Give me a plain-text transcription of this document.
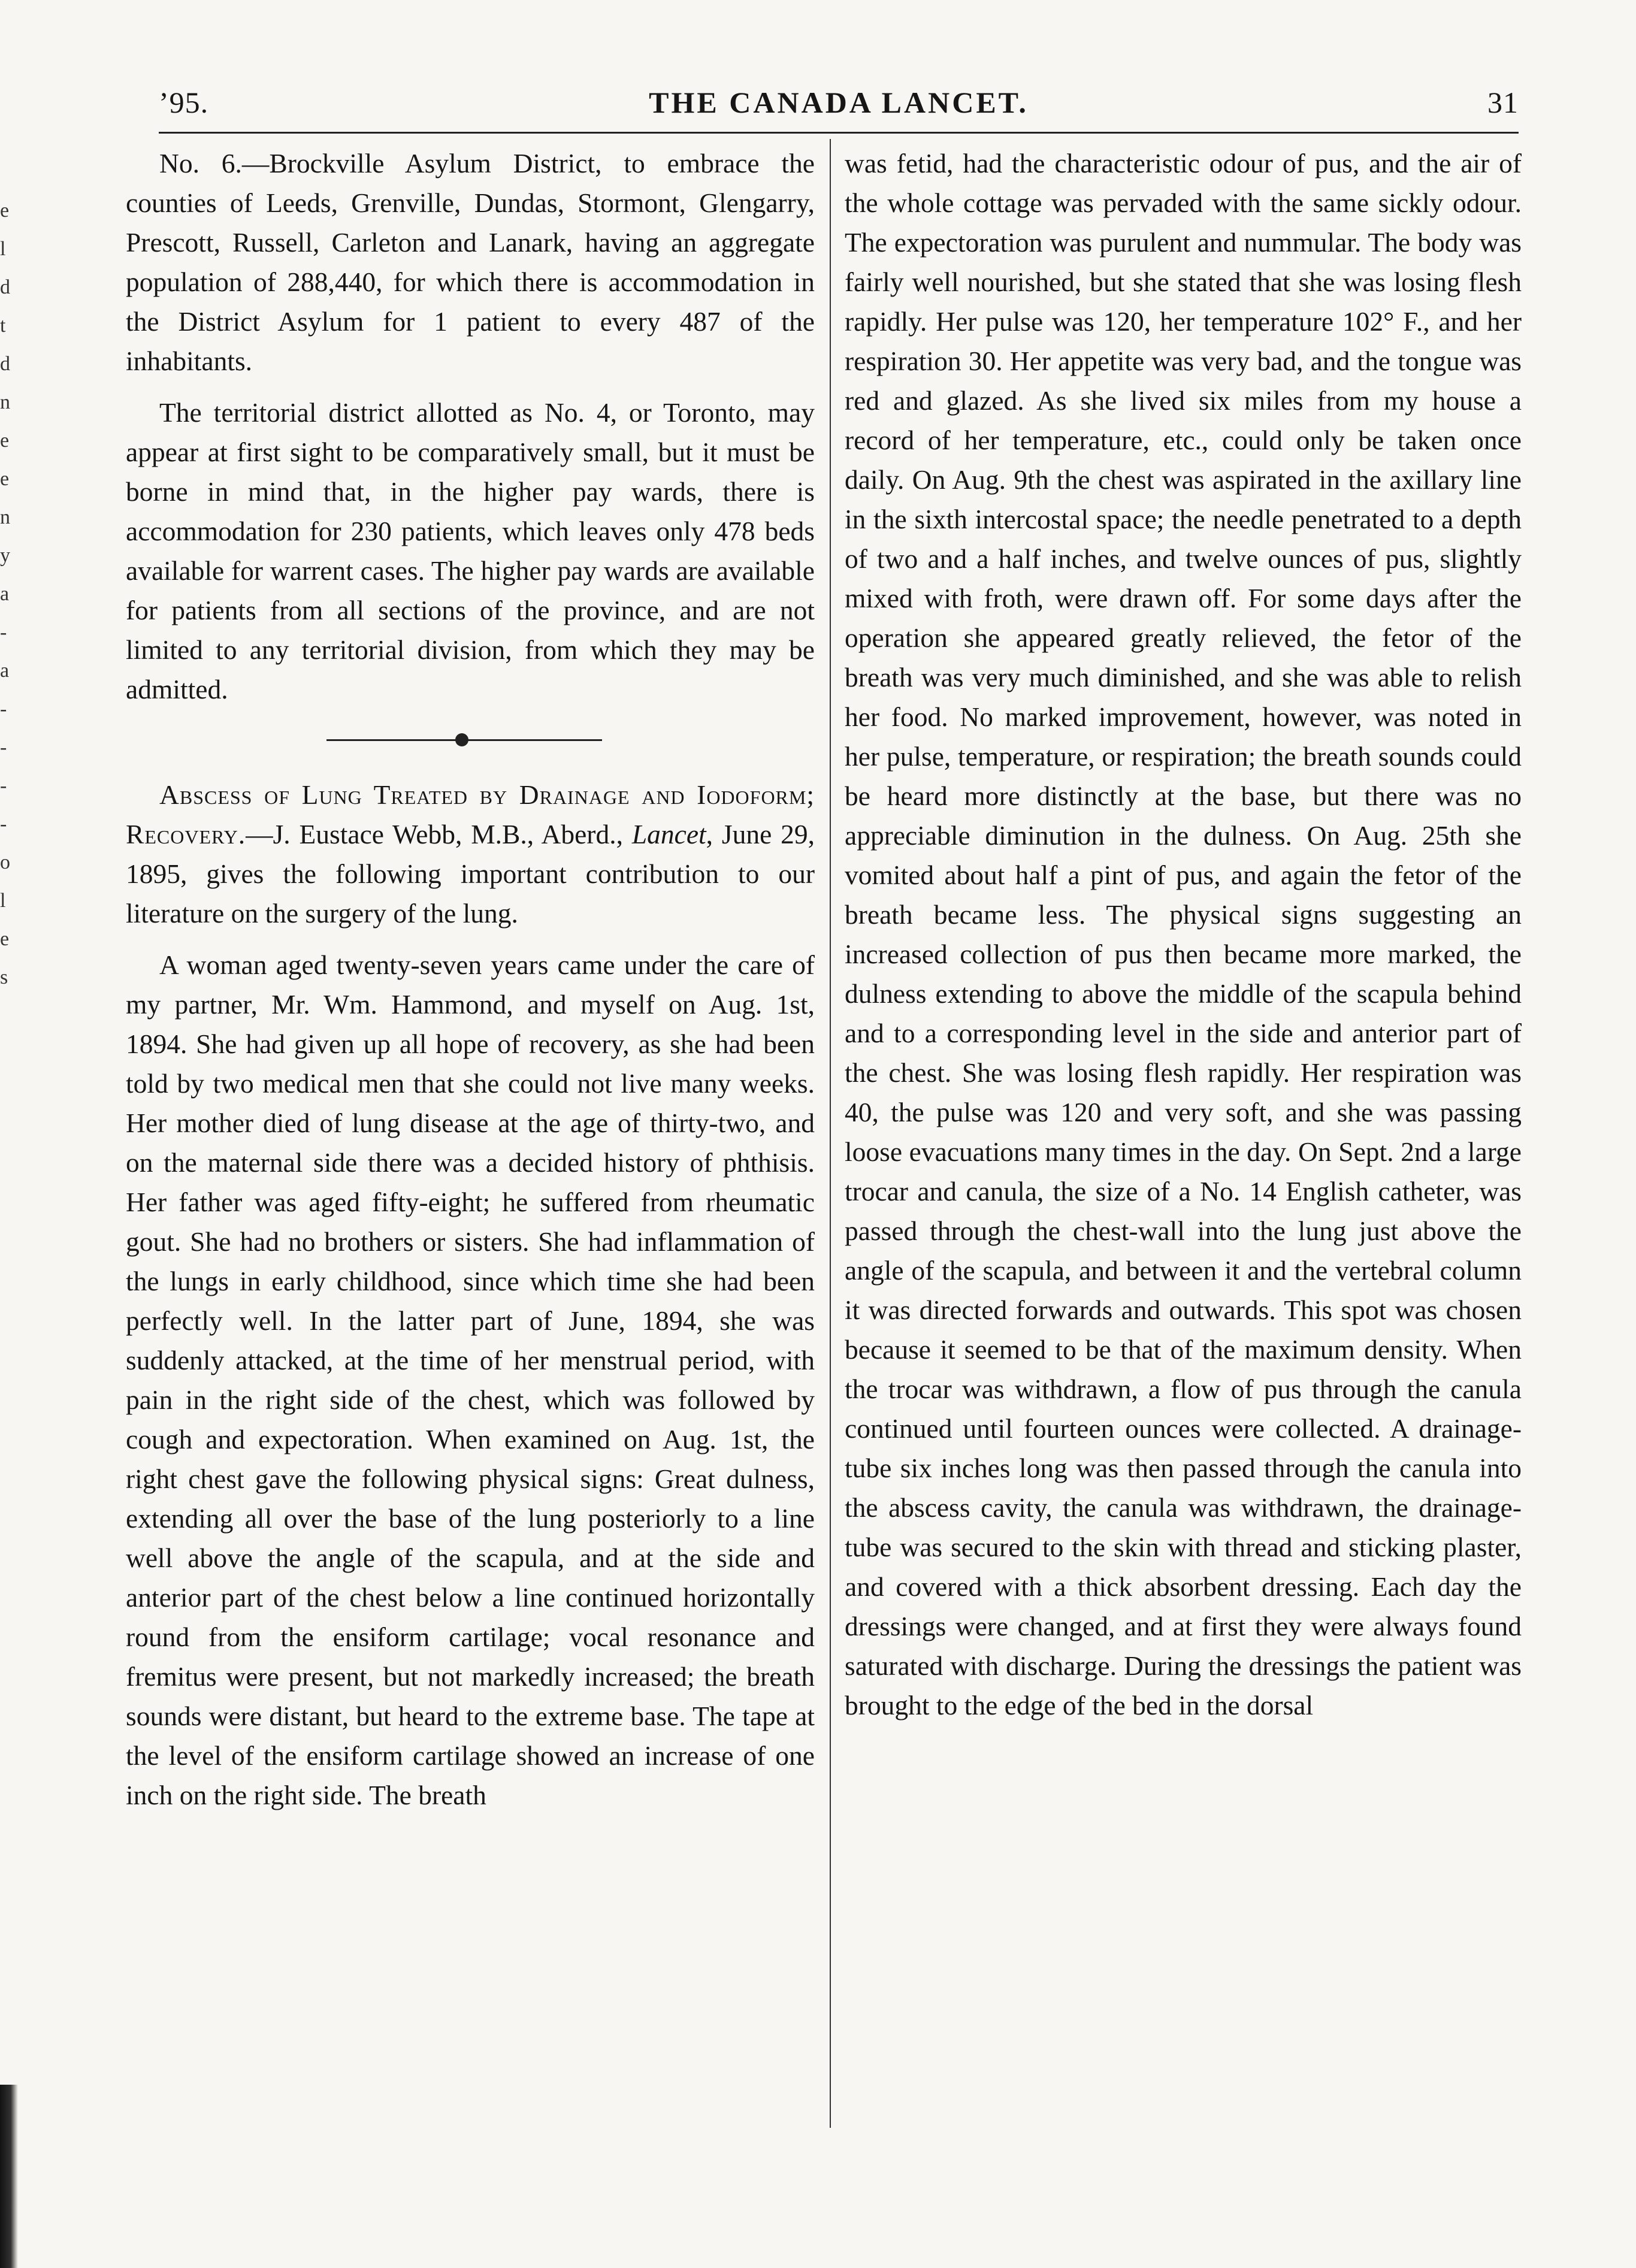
e
l
d
t
d
n
e
e
n
y
a
-
a
-
-
-
-
o
l
e
s
’95.	THE CANADA LANCET.	31

No. 6.—Brockville Asylum District, to embrace the counties of Leeds, Grenville, Dundas, Stormont, Glengarry, Prescott, Russell, Carleton and Lanark, having an aggregate population of 288,440, for which there is accommodation in the District Asylum for 1 patient to every 487 of the inhabitants.

The territorial district allotted as No. 4, or Toronto, may appear at first sight to be comparatively small, but it must be borne in mind that, in the higher pay wards, there is accommodation for 230 patients, which leaves only 478 beds available for warrent cases. The higher pay wards are available for patients from all sections of the province, and are not limited to any territorial division, from which they may be admitted.

Abscess of Lung Treated by Drainage and Iodoform; Recovery.—J. Eustace Webb, M.B., Aberd., Lancet, June 29, 1895, gives the following important contribution to our literature on the surgery of the lung.

A woman aged twenty-seven years came under the care of my partner, Mr. Wm. Hammond, and myself on Aug. 1st, 1894. She had given up all hope of recovery, as she had been told by two medical men that she could not live many weeks. Her mother died of lung disease at the age of thirty-two, and on the maternal side there was a decided history of phthisis. Her father was aged fifty-eight; he suffered from rheumatic gout. She had no brothers or sisters. She had inflammation of the lungs in early childhood, since which time she had been perfectly well. In the latter part of June, 1894, she was suddenly attacked, at the time of her menstrual period, with pain in the right side of the chest, which was followed by cough and expectoration. When examined on Aug. 1st, the right chest gave the following physical signs: Great dulness, extending all over the base of the lung posteriorly to a line well above the angle of the scapula, and at the side and anterior part of the chest below a line continued horizontally round from the ensiform cartilage; vocal resonance and fremitus were present, but not markedly increased; the breath sounds were distant, but heard to the extreme base. The tape at the level of the ensiform cartilage showed an increase of one inch on the right side. The breath

was fetid, had the characteristic odour of pus, and the air of the whole cottage was pervaded with the same sickly odour. The expectoration was purulent and nummular. The body was fairly well nourished, but she stated that she was losing flesh rapidly. Her pulse was 120, her temperature 102° F., and her respiration 30. Her appetite was very bad, and the tongue was red and glazed. As she lived six miles from my house a record of her temperature, etc., could only be taken once daily. On Aug. 9th the chest was aspirated in the axillary line in the sixth intercostal space; the needle penetrated to a depth of two and a half inches, and twelve ounces of pus, slightly mixed with froth, were drawn off. For some days after the operation she appeared greatly relieved, the fetor of the breath was very much diminished, and she was able to relish her food. No marked improvement, however, was noted in her pulse, temperature, or respiration; the breath sounds could be heard more distinctly at the base, but there was no appreciable diminution in the dulness. On Aug. 25th she vomited about half a pint of pus, and again the fetor of the breath became less. The physical signs suggesting an increased collection of pus then became more marked, the dulness extending to above the middle of the scapula behind and to a corresponding level in the side and anterior part of the chest. She was losing flesh rapidly. Her respiration was 40, the pulse was 120 and very soft, and she was passing loose evacuations many times in the day. On Sept. 2nd a large trocar and canula, the size of a No. 14 English catheter, was passed through the chest-wall into the lung just above the angle of the scapula, and between it and the vertebral column it was directed forwards and outwards. This spot was chosen because it seemed to be that of the maximum density. When the trocar was withdrawn, a flow of pus through the canula continued until fourteen ounces were collected. A drainage-tube six inches long was then passed through the canula into the abscess cavity, the canula was withdrawn, the drainage-tube was secured to the skin with thread and sticking plaster, and covered with a thick absorbent dressing. Each day the dressings were changed, and at first they were always found saturated with discharge. During the dressings the patient was brought to the edge of the bed in the dorsal
